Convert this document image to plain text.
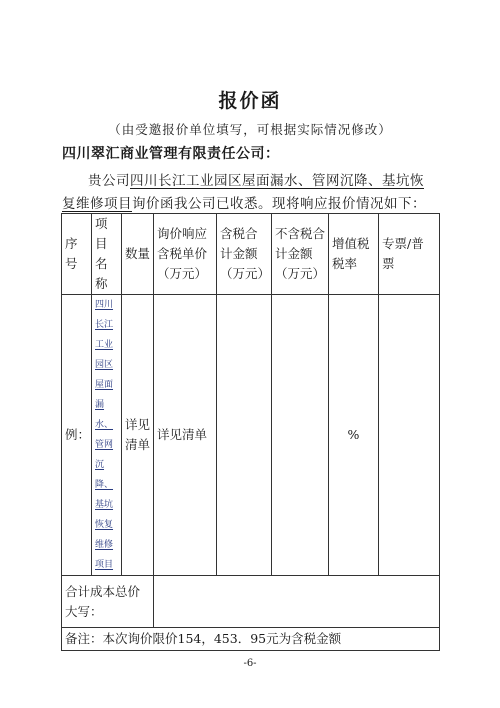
报价函
（由受邀报价单位填写，可根据实际情况修改）
四川翠汇商业管理有限责任公司：
贵公司四川长江工业园区屋面漏水、管网沉降、基坑恢
复维修项目询价函我公司已收悉。现将响应报价情况如下：
序号	项目名称	数量	询价响应含税单价（万元）	含税合计金额（万元）	不含税合计金额（万元）	增值税税率	专票/普票
例：	四川长江工业园区屋面漏水、管网沉降、基坑恢复维修项目	详见清单	详见清单			%	
合计成本总价大写：							
备注：本次询价限价154，453．95元为含税金额							
-6-
